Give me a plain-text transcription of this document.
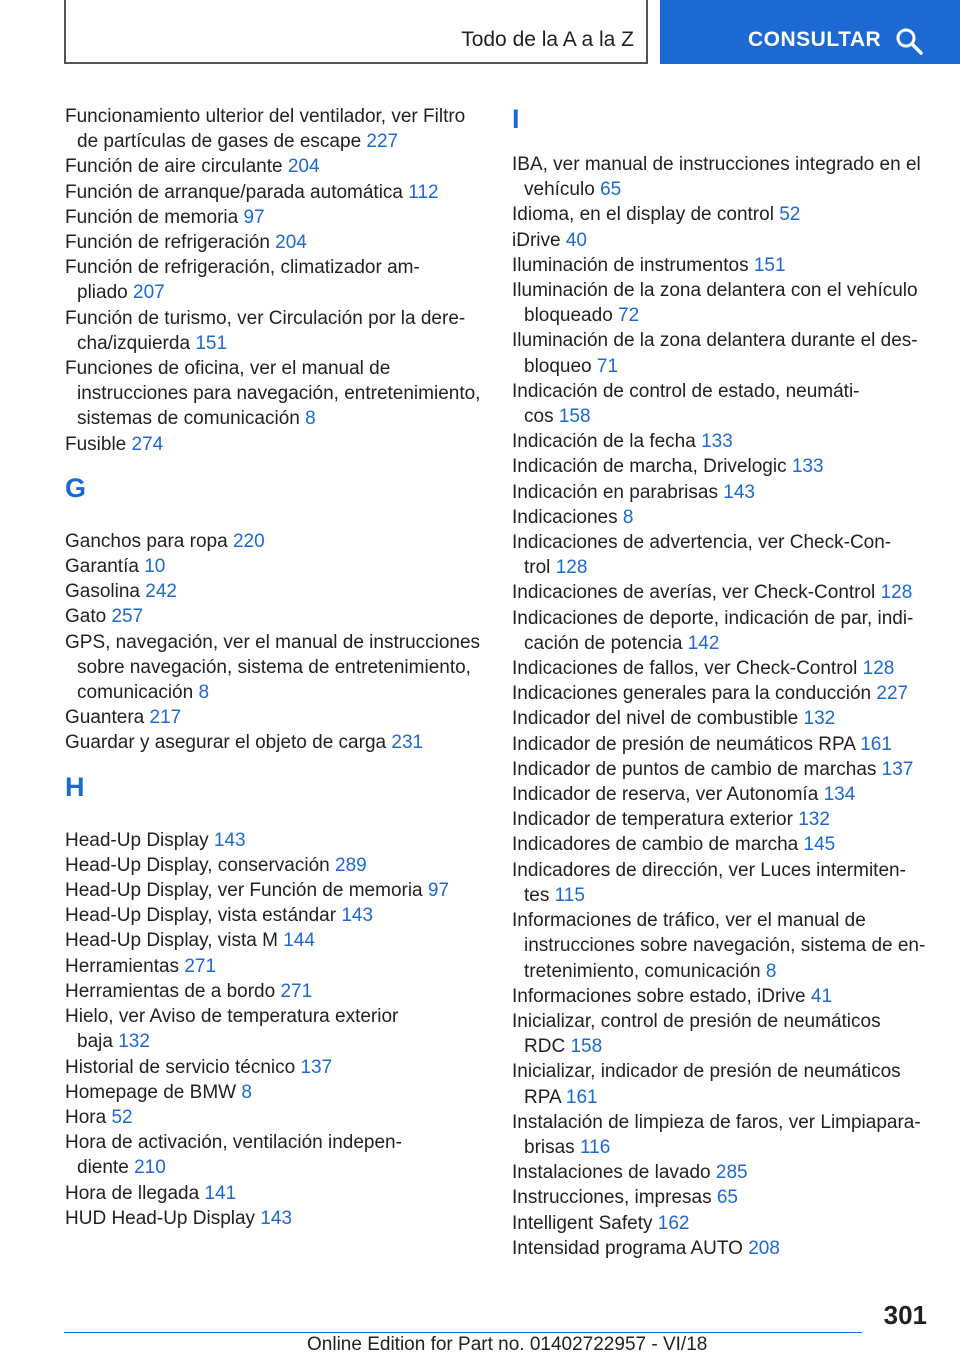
Todo de la A a la Z	CONSULTAR
Funcionamiento ulterior del ventilador, ver Filtro
de partículas de gases de escape 227
Función de aire circulante 204
Función de arranque/parada automática 112
Función de memoria 97
Función de refrigeración 204
Función de refrigeración, climatizador am-
pliado 207
Función de turismo, ver Circulación por la dere-
cha/izquierda 151
Funciones de oficina, ver el manual de
instrucciones para navegación, entretenimiento,
sistemas de comunicación 8
Fusible 274
G
Ganchos para ropa 220
Garantía 10
Gasolina 242
Gato 257
GPS, navegación, ver el manual de instrucciones
sobre navegación, sistema de entretenimiento,
comunicación 8
Guantera 217
Guardar y asegurar el objeto de carga 231
H
Head-Up Display 143
Head-Up Display, conservación 289
Head-Up Display, ver Función de memoria 97
Head-Up Display, vista estándar 143
Head-Up Display, vista M 144
Herramientas 271
Herramientas de a bordo 271
Hielo, ver Aviso de temperatura exterior
baja 132
Historial de servicio técnico 137
Homepage de BMW 8
Hora 52
Hora de activación, ventilación indepen-
diente 210
Hora de llegada 141
HUD Head-Up Display 143
I
IBA, ver manual de instrucciones integrado en el
vehículo 65
Idioma, en el display de control 52
iDrive 40
Iluminación de instrumentos 151
Iluminación de la zona delantera con el vehículo
bloqueado 72
Iluminación de la zona delantera durante el des-
bloqueo 71
Indicación de control de estado, neumáti-
cos 158
Indicación de la fecha 133
Indicación de marcha, Drivelogic 133
Indicación en parabrisas 143
Indicaciones 8
Indicaciones de advertencia, ver Check-Con-
trol 128
Indicaciones de averías, ver Check-Control 128
Indicaciones de deporte, indicación de par, indi-
cación de potencia 142
Indicaciones de fallos, ver Check-Control 128
Indicaciones generales para la conducción 227
Indicador del nivel de combustible 132
Indicador de presión de neumáticos RPA 161
Indicador de puntos de cambio de marchas 137
Indicador de reserva, ver Autonomía 134
Indicador de temperatura exterior 132
Indicadores de cambio de marcha 145
Indicadores de dirección, ver Luces intermiten-
tes 115
Informaciones de tráfico, ver el manual de
instrucciones sobre navegación, sistema de en-
tretenimiento, comunicación 8
Informaciones sobre estado, iDrive 41
Inicializar, control de presión de neumáticos
RDC 158
Inicializar, indicador de presión de neumáticos
RPA 161
Instalación de limpieza de faros, ver Limpiapara-
brisas 116
Instalaciones de lavado 285
Instrucciones, impresas 65
Intelligent Safety 162
Intensidad programa AUTO 208
301
Online Edition for Part no. 01402722957 - VI/18
